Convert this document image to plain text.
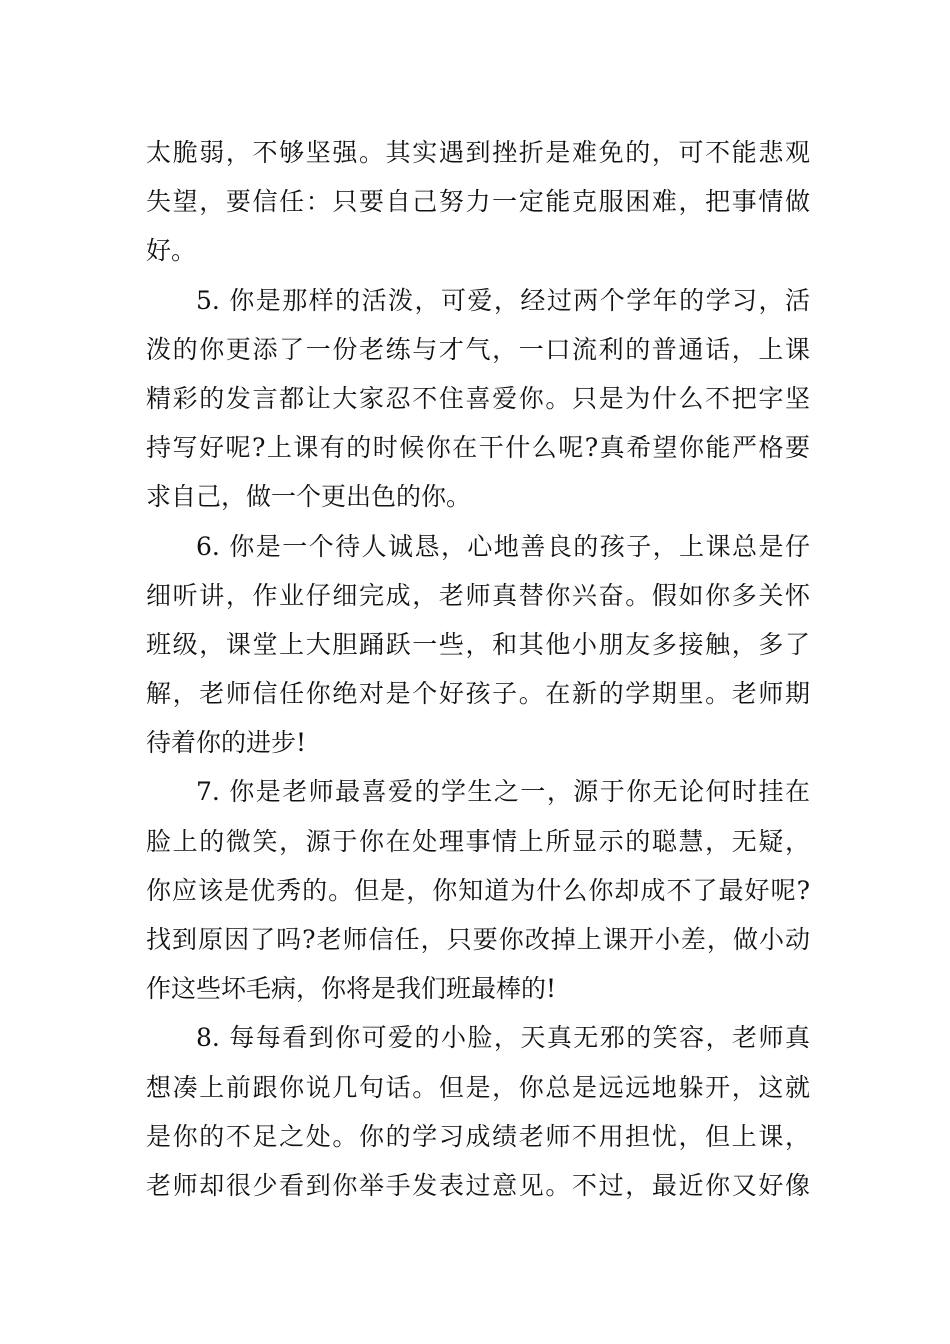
太脆弱，不够坚强。其实遇到挫折是难免的，可不能悲观
失望，要信任：只要自己努力一定能克服困难，把事情做
好。
5. 你是那样的活泼，可爱，经过两个学年的学习，活
泼的你更添了一份老练与才气，一口流利的普通话，上课
精彩的发言都让大家忍不住喜爱你。只是为什么不把字坚
持写好呢?上课有的时候你在干什么呢?真希望你能严格要
求自己，做一个更出色的你。
6. 你是一个待人诚恳，心地善良的孩子，上课总是仔
细听讲，作业仔细完成，老师真替你兴奋。假如你多关怀
班级，课堂上大胆踊跃一些，和其他小朋友多接触，多了
解，老师信任你绝对是个好孩子。在新的学期里。老师期
待着你的进步!
7. 你是老师最喜爱的学生之一，源于你无论何时挂在
脸上的微笑，源于你在处理事情上所显示的聪慧，无疑，
你应该是优秀的。但是，你知道为什么你却成不了最好呢?
找到原因了吗?老师信任，只要你改掉上课开小差，做小动
作这些坏毛病，你将是我们班最棒的!
8. 每每看到你可爱的小脸，天真无邪的笑容，老师真
想凑上前跟你说几句话。但是，你总是远远地躲开，这就
是你的不足之处。你的学习成绩老师不用担忧，但上课，
老师却很少看到你举手发表过意见。不过，最近你又好像
